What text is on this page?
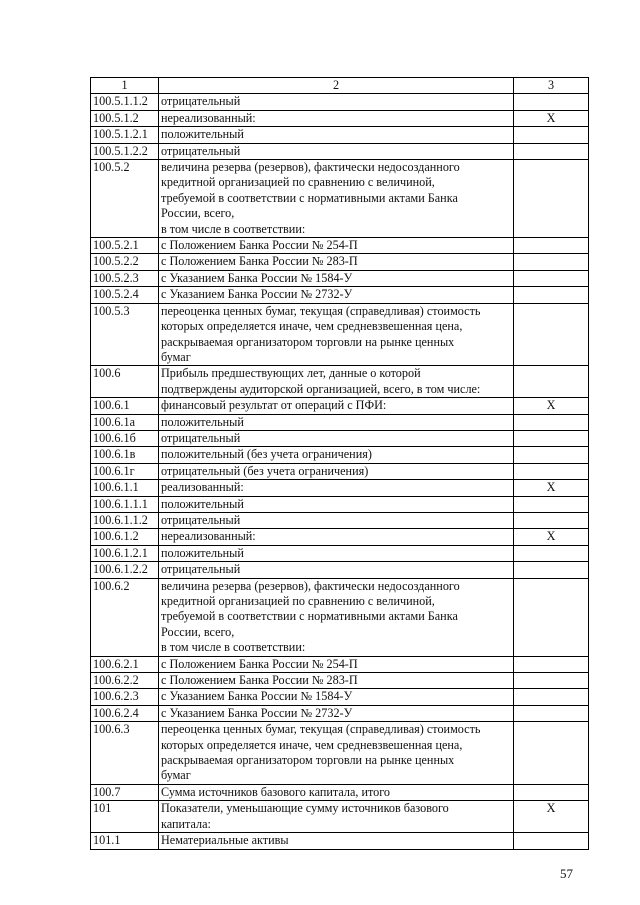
1	2	3
100.5.1.1.2	отрицательный	

100.5.1.2	нереализованный:	X
100.5.1.2.1	положительный	

100.5.1.2.2	отрицательный	

100.5.2	величина резерва (резервов), фактически недосозданного
кредитной организацией по сравнению с величиной,
требуемой в соответствии с нормативными актами Банка
России, всего,
в том числе в соответствии:	

100.5.2.1	с Положением Банка России № 254-П	

100.5.2.2	с Положением Банка России № 283-П	

100.5.2.3	с Указанием Банка России № 1584-У	

100.5.2.4	с Указанием Банка России № 2732-У	

100.5.3	переоценка ценных бумаг, текущая (справедливая) стоимость
которых определяется иначе, чем средневзвешенная цена,
раскрываемая организатором торговли на рынке ценных
бумаг	

100.6	Прибыль предшествующих лет, данные о которой
подтверждены аудиторской организацией, всего, в том числе:	

100.6.1	финансовый результат от операций с ПФИ:	X
100.6.1а	положительный	

100.6.1б	отрицательный	

100.6.1в	положительный (без учета ограничения)	

100.6.1г	отрицательный (без учета ограничения)	

100.6.1.1	реализованный:	X
100.6.1.1.1	положительный	

100.6.1.1.2	отрицательный	

100.6.1.2	нереализованный:	X
100.6.1.2.1	положительный	

100.6.1.2.2	отрицательный	

100.6.2	величина резерва (резервов), фактически недосозданного
кредитной организацией по сравнению с величиной,
требуемой в соответствии с нормативными актами Банка
России, всего,
в том числе в соответствии:	

100.6.2.1	с Положением Банка России № 254-П	

100.6.2.2	с Положением Банка России № 283-П	

100.6.2.3	с Указанием Банка России № 1584-У	

100.6.2.4	с Указанием Банка России № 2732-У	

100.6.3	переоценка ценных бумаг, текущая (справедливая) стоимость
которых определяется иначе, чем средневзвешенная цена,
раскрываемая организатором торговли на рынке ценных
бумаг	

100.7	Сумма источников базового капитала, итого	

101	Показатели, уменьшающие сумму источников базового
капитала:	X
101.1	Нематериальные активы	

57
